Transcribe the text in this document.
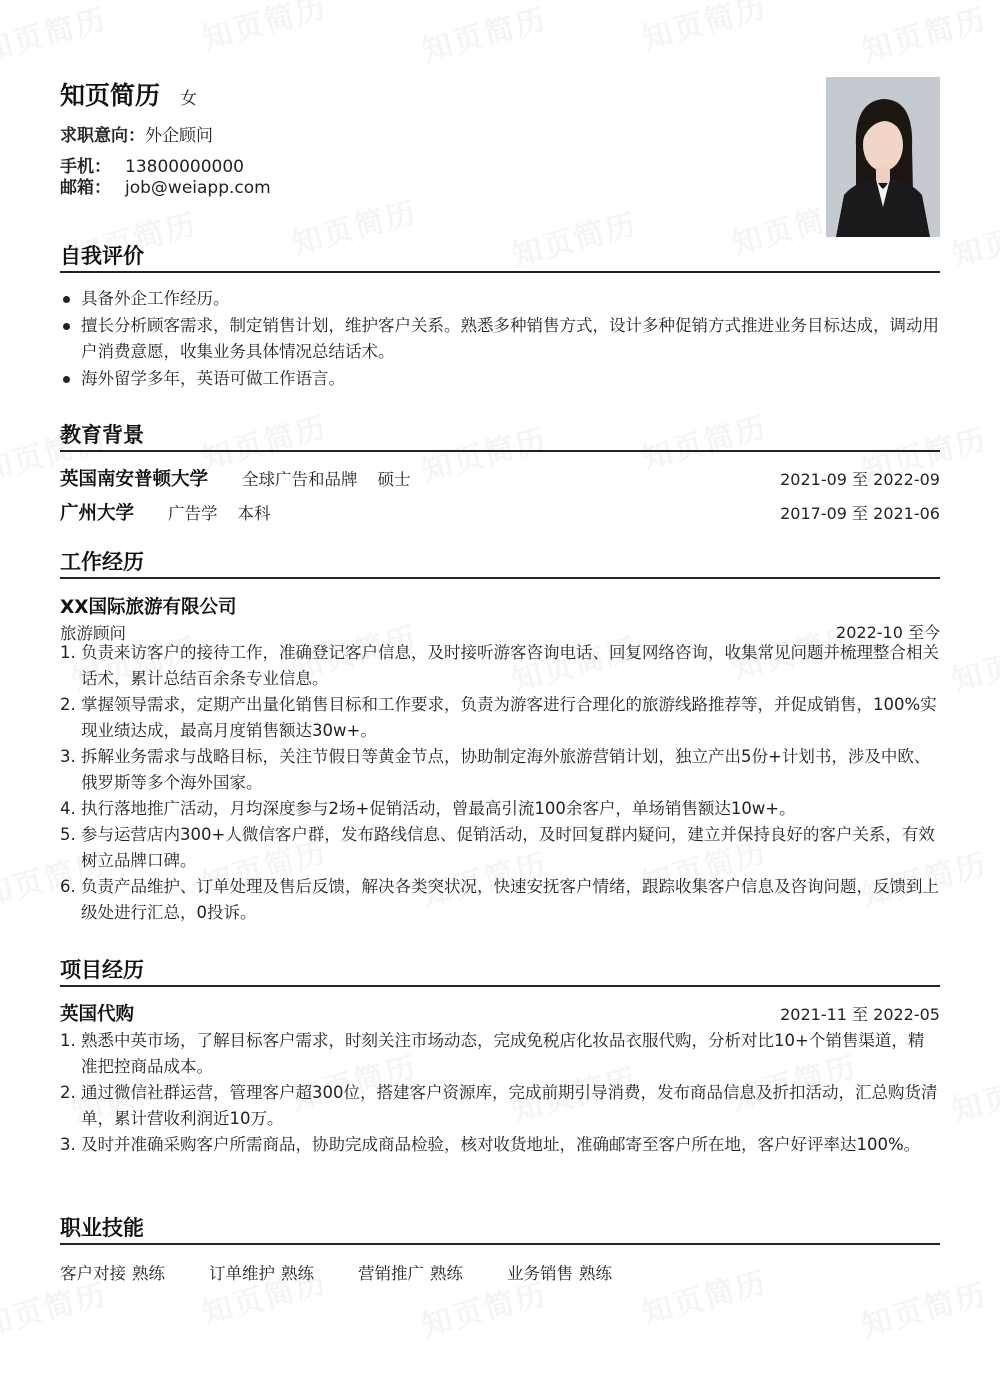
知页简历 女
求职意向：外企顾问
手机： 13800000000
邮箱： job@weiapp.com
自我评价
具备外企工作经历。
擅长分析顾客需求，制定销售计划，维护客户关系。熟悉多种销售方式，设计多种促销方式推进业务目标达成，调动用户消费意愿，收集业务具体情况总结话术。
海外留学多年，英语可做工作语言。
教育背景
英国南安普顿大学 全球广告和品牌 硕士	2021-09 至 2022-09
广州大学 广告学 本科	2017-09 至 2021-06
工作经历
XX国际旅游有限公司
旅游顾问	2022-10 至今
1. 负责来访客户的接待工作，准确登记客户信息，及时接听游客咨询电话、回复网络咨询，收集常见问题并梳理整合相关话术，累计总结百余条专业信息。
2. 掌握领导需求，定期产出量化销售目标和工作要求，负责为游客进行合理化的旅游线路推荐等，并促成销售，100%实现业绩达成，最高月度销售额达30w+。
3. 拆解业务需求与战略目标，关注节假日等黄金节点，协助制定海外旅游营销计划，独立产出5份+计划书，涉及中欧、俄罗斯等多个海外国家。
4. 执行落地推广活动，月均深度参与2场+促销活动，曾最高引流100余客户，单场销售额达10w+。
5. 参与运营店内300+人微信客户群，发布路线信息、促销活动，及时回复群内疑问，建立并保持良好的客户关系，有效树立品牌口碑。
6. 负责产品维护、订单处理及售后反馈，解决各类突状况，快速安抚客户情绪，跟踪收集客户信息及咨询问题，反馈到上级处进行汇总，0投诉。
项目经历
英国代购	2021-11 至 2022-05
1. 熟悉中英市场，了解目标客户需求，时刻关注市场动态，完成免税店化妆品衣服代购，分析对比10+个销售渠道，精准把控商品成本。
2. 通过微信社群运营，管理客户超300位，搭建客户资源库，完成前期引导消费，发布商品信息及折扣活动，汇总购货清单，累计营收利润近10万。
3. 及时并准确采购客户所需商品，协助完成商品检验，核对收货地址，准确邮寄至客户所在地，客户好评率达100%。
职业技能
客户对接 熟练	订单维护 熟练	营销推广 熟练	业务销售 熟练
